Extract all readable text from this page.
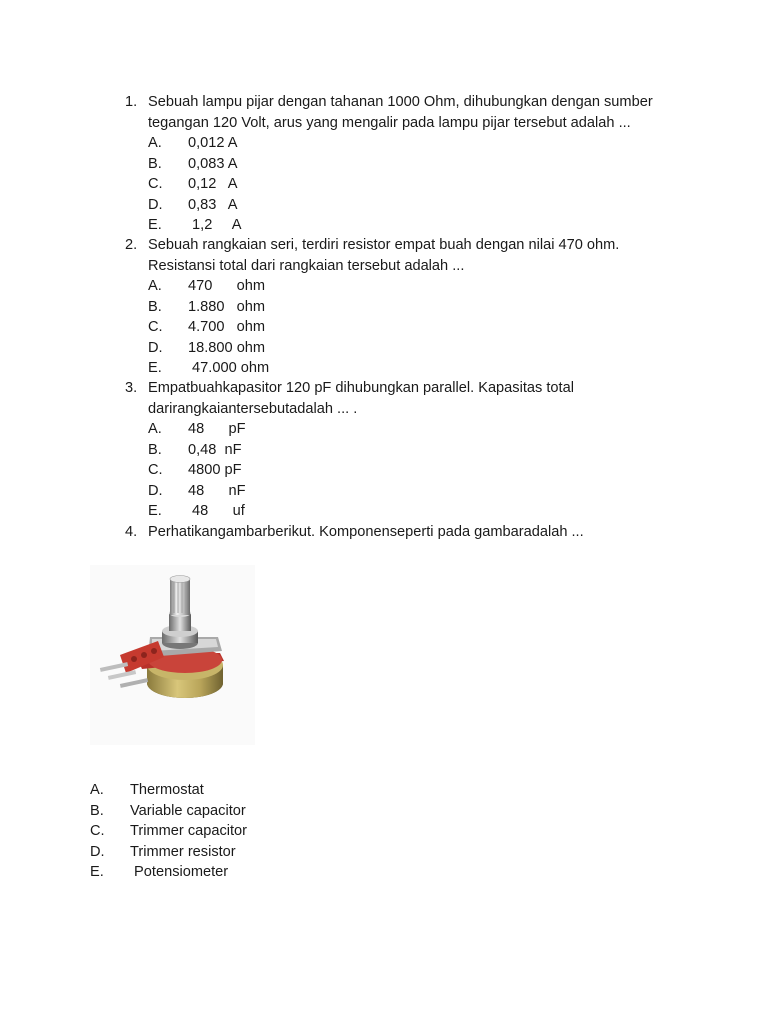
1. Sebuah lampu pijar dengan tahanan 1000 Ohm, dihubungkan dengan sumber tegangan 120 Volt, arus yang mengalir pada lampu pijar tersebut adalah ...
A.	0,012 A
B.	0,083 A
C.	0,12   A
D.	0,83   A
E.	1,2     A
2. Sebuah rangkaian seri, terdiri resistor empat buah dengan nilai 470 ohm. Resistansi total dari rangkaian tersebut adalah ...
A.	470      ohm
B.	1.880   ohm
C.	4.700   ohm
D.	18.800 ohm
E.	47.000 ohm
3. Empatbuahkapasitor 120 pF dihubungkan parallel. Kapasitas total darirangkaiantersebutadalah ... .
A.	48      pF
B.	0,48  nF
C.	4800 pF
D.	48      nF
E.	48      uf
4. Perhatikangambarberikut. Komponenseperti pada gambaradalah ...
A.	Thermostat
B.	Variable capacitor
C.	Trimmer capacitor
D.	Trimmer resistor
E.	Potensiometer
